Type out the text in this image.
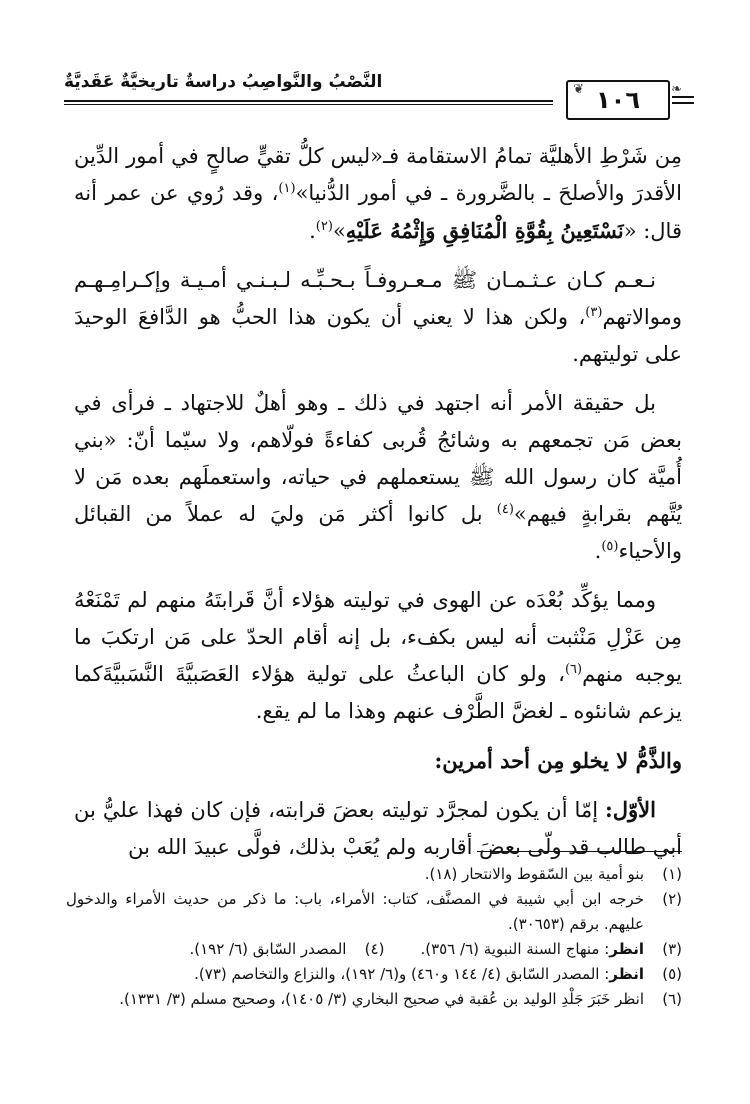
النَّصْبُ والنَّواصِبُ دراسةٌ تاريخيَّةٌ عَقَديَّةٌ
١٠٦
❦	❧

مِن شَرْطِ الأهليَّة تمامُ الاستقامة فـ«ليس كلُّ تقيٍّ صالحٍ في أمور الدِّين الأقدرَ والأصلحَ ـ بالضَّرورة ـ في أمور الدُّنيا»$^{(١)}$، وقد رُوي عن عمر أنه قال: «نَسْتَعِينُ بِقُوَّةِ الْمُنَافِقِ وَإِثْمُهُ عَلَيْهِ»$^{(٢)}$.

نـعـم كـان عـثـمـان ﷺ مـعـروفـاً بـحـبِّـه لـبـنـي أمـيـة وإكـرامِـهـم وموالاتهم$^{(٣)}$، ولكن هذا لا يعني أن يكون هذا الحبُّ هو الدَّافعَ الوحيدَ على توليتهم.

بل حقيقة الأمر أنه اجتهد في ذلك ـ وهو أهلٌ للاجتهاد ـ فرأى في بعض مَن تجمعهم به وشائجُ قُربى كفاءةً فولّاهم، ولا سيّما أنّ: «بني أُميَّة كان رسول الله ﷺ يستعملهم في حياته، واستعملَهم بعده مَن لا يُتَّهم بقرابةٍ فيهم»$^{(٤)}$ بل كانوا أكثر مَن وليَ له عملاً من القبائل والأحياء$^{(٥)}$.

ومما يؤكِّد بُعْدَه عن الهوى في توليته هؤلاء أنَّ قَرابتَهُ منهم لم تَمْنَعْهُ مِن عَزْلِ مَنْثبت أنه ليس بكفء، بل إنه أقام الحدّ على مَن ارتكبَ ما يوجبه منهم$^{(٦)}$، ولو كان الباعثُ على تولية هؤلاء العَصَبيَّةَ النَّسَبيَّةَكما يزعم شانئوه ـ لغضَّ الطَّرْف عنهم وهذا ما لم يقع.

والذَّمُّ لا يخلو مِن أحد أمرين:

الأوّل: إمّا أن يكون لمجرَّد توليته بعضَ قرابته، فإن كان فهذا عليُّ بن أبي طالب قد ولّى بعضَ أقاربه ولم يُعَبْ بذلك، فولَّى عبيدَ الله بن

(١)
بنو أمية بين السّقوط والانتحار (١٨).
(٢)
خرجه ابن أبي شيبة في المصنَّف، كتاب: الأمراء، باب: ما ذكر من حديث الأمراء والدخول عليهم. برقم (٣٠٦٥٣).
(٣)
انظر: منهاج السنة النبوية (٦/ ٣٥٦).
(٤)
المصدر السّابق (٦/ ١٩٢).
(٥)
انظر: المصدر السّابق (٤/ ١٤٤ و٤٦٠) و(٦/ ١٩٢)، والنزاع والتخاصم (٧٣).
(٦)
انظر خَبَرَ جَلْدِ الوليد بن عُقبة في صحيح البخاري (٣/ ١٤٠٥)، وصحيح مسلم (٣/ ١٣٣١).
